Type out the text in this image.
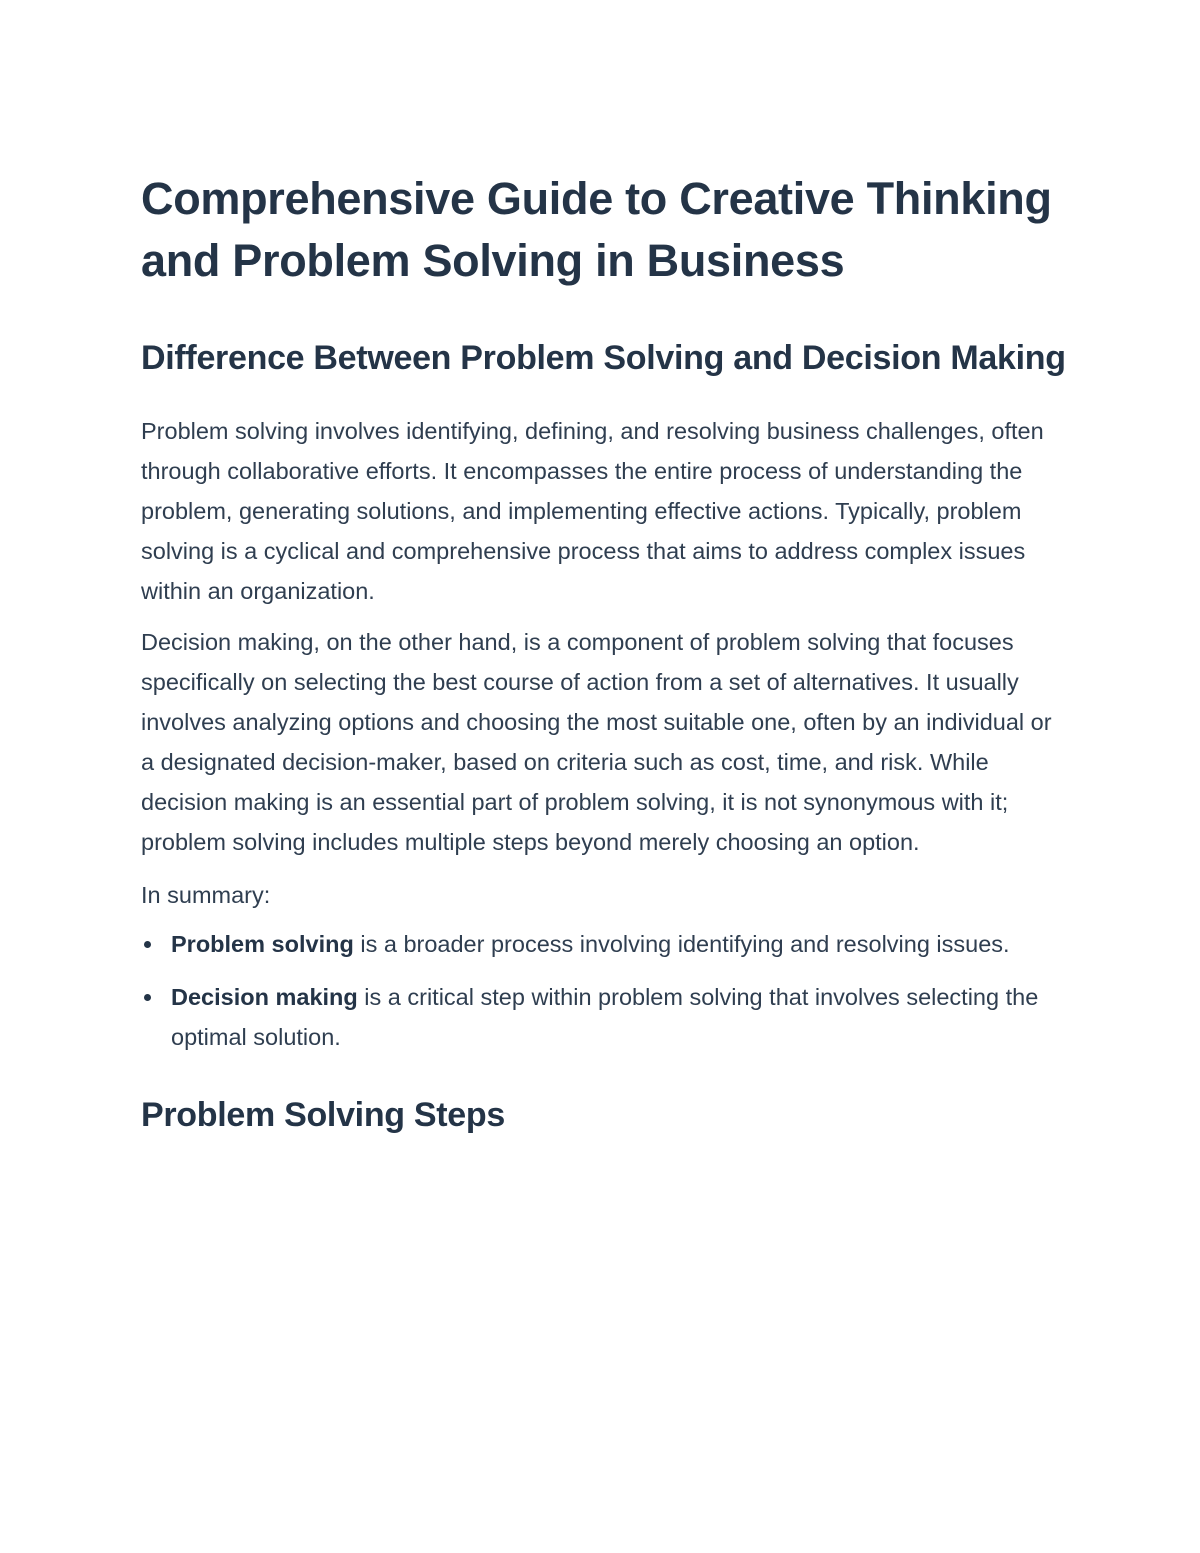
Comprehensive Guide to Creative Thinking and Problem Solving in Business
Difference Between Problem Solving and Decision Making

Problem solving involves identifying, defining, and resolving business challenges, often through collaborative efforts. It encompasses the entire process of understanding the problem, generating solutions, and implementing effective actions. Typically, problem solving is a cyclical and comprehensive process that aims to address complex issues within an organization.

Decision making, on the other hand, is a component of problem solving that focuses specifically on selecting the best course of action from a set of alternatives. It usually involves analyzing options and choosing the most suitable one, often by an individual or a designated decision-maker, based on criteria such as cost, time, and risk. While decision making is an essential part of problem solving, it is not synonymous with it; problem solving includes multiple steps beyond merely choosing an option.

In summary:

Problem solving is a broader process involving identifying and resolving issues.
Decision making is a critical step within problem solving that involves selecting the optimal solution.
Problem Solving Steps
